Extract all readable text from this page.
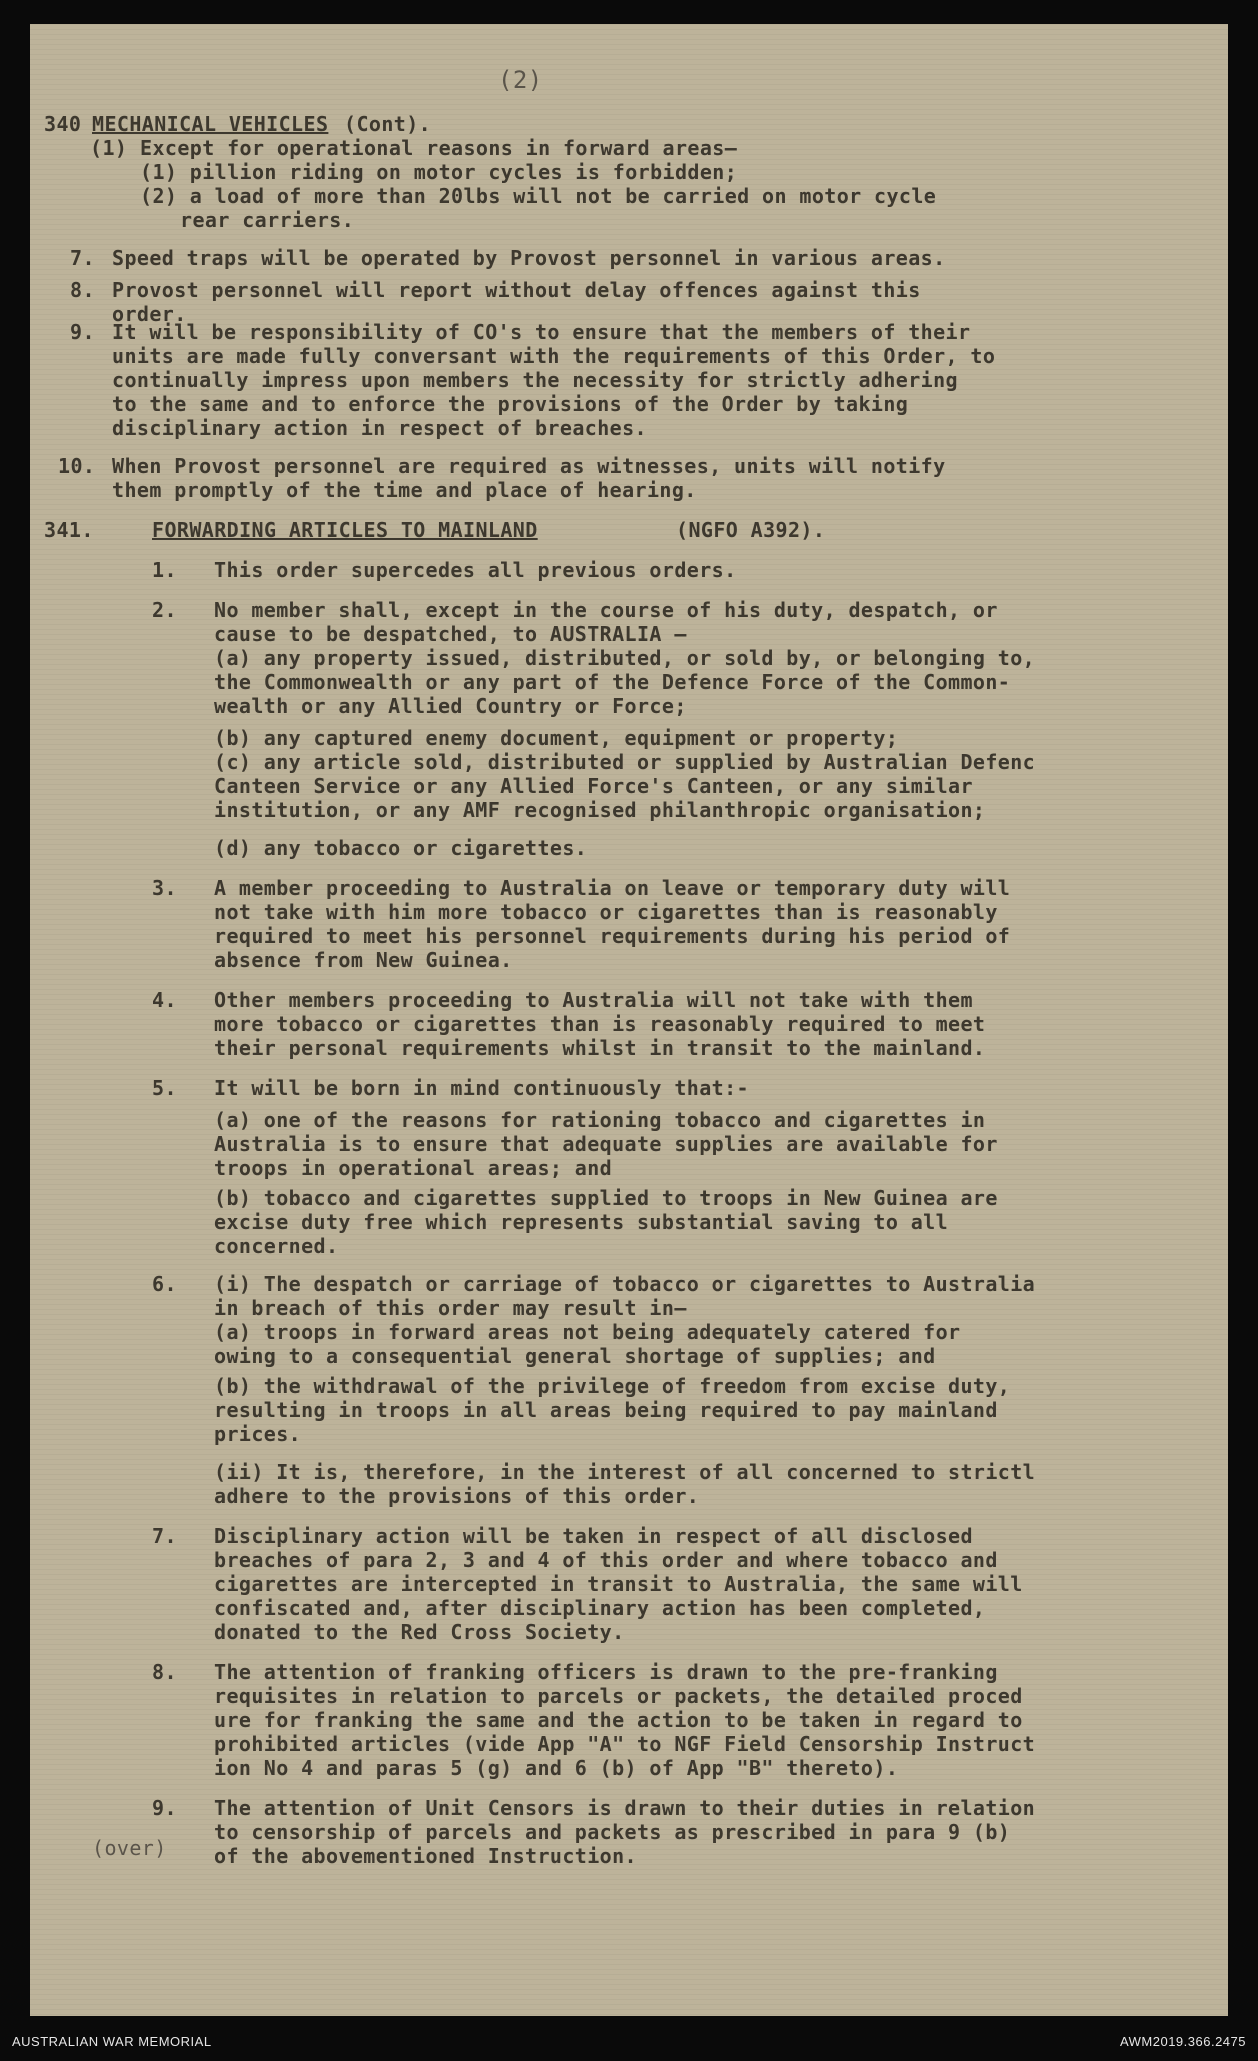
(2)
340 MECHANICAL VEHICLES (Cont).
(1) Except for operational reasons in forward areas—
(1) pillion riding on motor cycles is forbidden;
(2) a load of more than 20lbs will not be carried on motor cycle
rear carriers.
7. Speed traps will be operated by Provost personnel in various areas.
8. Provost personnel will report without delay offences against this
order.
9. It will be responsibility of CO's to ensure that the members of their
units are made fully conversant with the requirements of this Order, to
continually impress upon members the necessity for strictly adhering
to the same and to enforce the provisions of the Order by taking
disciplinary action in respect of breaches.
10. When Provost personnel are required as witnesses, units will notify
them promptly of the time and place of hearing.
341.	FORWARDING ARTICLES TO MAINLAND	(NGFO A392).
1. This order supercedes all previous orders.
2. No member shall, except in the course of his duty, despatch, or
cause to be despatched, to AUSTRALIA —
(a) any property issued, distributed, or sold by, or belonging to,
the Commonwealth or any part of the Defence Force of the Common-
wealth or any Allied Country or Force;
(b) any captured enemy document, equipment or property;
(c) any article sold, distributed or supplied by Australian Defenc
Canteen Service or any Allied Force's Canteen, or any similar
institution, or any AMF recognised philanthropic organisation;
(d) any tobacco or cigarettes.
3. A member proceeding to Australia on leave or temporary duty will
not take with him more tobacco or cigarettes than is reasonably
required to meet his personnel requirements during his period of
absence from New Guinea.
4. Other members proceeding to Australia will not take with them
more tobacco or cigarettes than is reasonably required to meet
their personal requirements whilst in transit to the mainland.
5. It will be born in mind continuously that:-
(a) one of the reasons for rationing tobacco and cigarettes in
Australia is to ensure that adequate supplies are available for
troops in operational areas; and
(b) tobacco and cigarettes supplied to troops in New Guinea are
excise duty free which represents substantial saving to all
concerned.
6. (i) The despatch or carriage of tobacco or cigarettes to Australia
in breach of this order may result in—
(a) troops in forward areas not being adequately catered for
owing to a consequential general shortage of supplies; and
(b) the withdrawal of the privilege of freedom from excise duty,
resulting in troops in all areas being required to pay mainland
prices.
(ii) It is, therefore, in the interest of all concerned to strictl
adhere to the provisions of this order.
7. Disciplinary action will be taken in respect of all disclosed
breaches of para 2, 3 and 4 of this order and where tobacco and
cigarettes are intercepted in transit to Australia, the same will
confiscated and, after disciplinary action has been completed,
donated to the Red Cross Society.
8. The attention of franking officers is drawn to the pre-franking
requisites in relation to parcels or packets, the detailed proced
ure for franking the same and the action to be taken in regard to
prohibited articles (vide App "A" to NGF Field Censorship Instruct
ion No 4 and paras 5 (g) and 6 (b) of App "B" thereto).
9. The attention of Unit Censors is drawn to their duties in relation
to censorship of parcels and packets as prescribed in para 9 (b)
of the abovementioned Instruction.
(over)
AUSTRALIAN WAR MEMORIAL	AWM2019.366.2475
